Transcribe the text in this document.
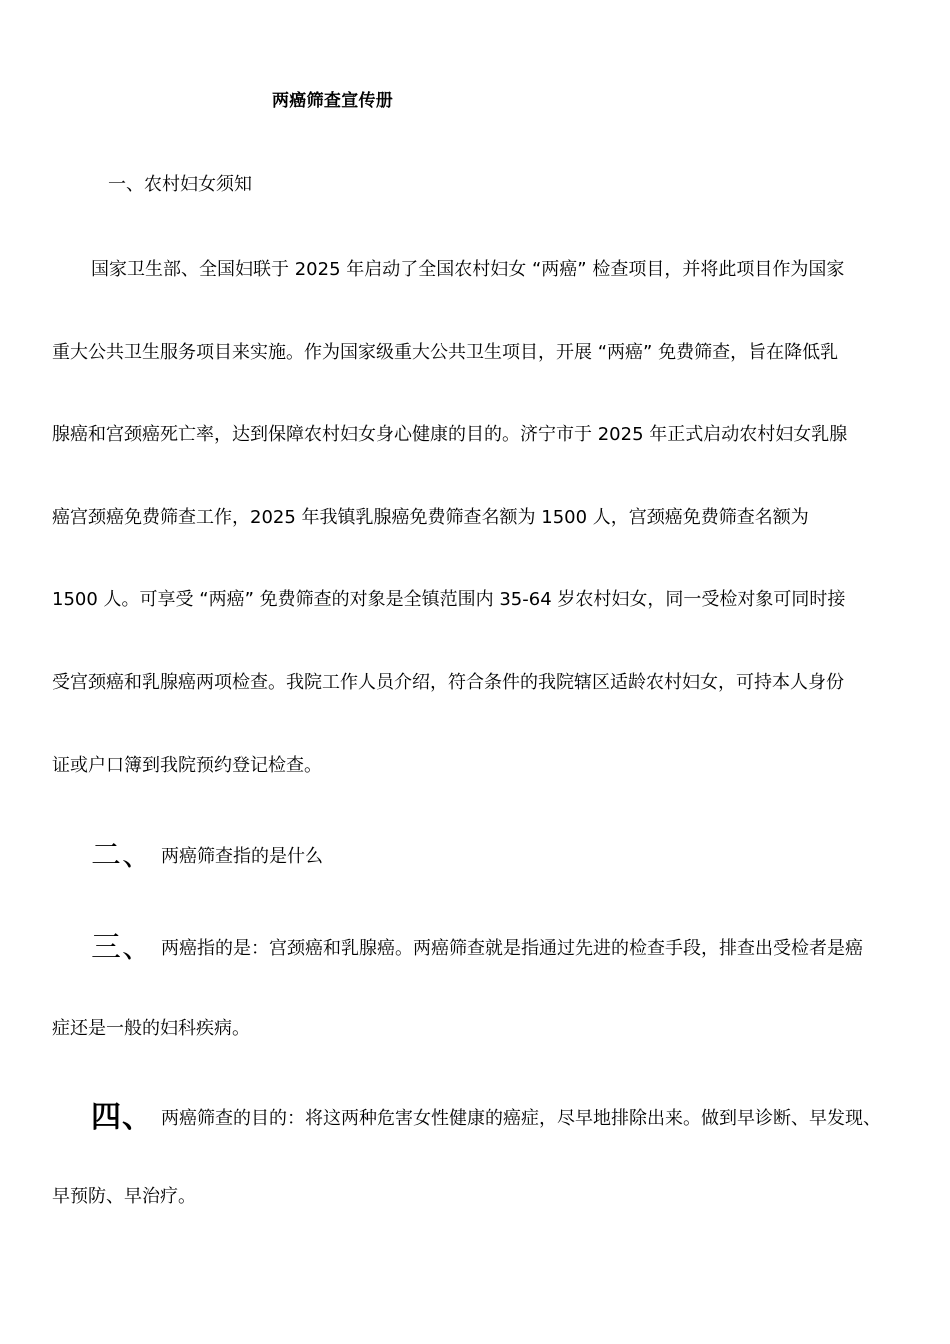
两癌筛查宣传册
一、农村妇女须知
国家卫生部、全国妇联于 2025 年启动了全国农村妇女 “两癌” 检查项目，并将此项目作为国家
重大公共卫生服务项目来实施。作为国家级重大公共卫生项目，开展 “两癌” 免费筛查，旨在降低乳
腺癌和宫颈癌死亡率，达到保障农村妇女身心健康的目的。济宁市于 2025 年正式启动农村妇女乳腺
癌宫颈癌免费筛查工作，2025 年我镇乳腺癌免费筛查名额为 1500 人，宫颈癌免费筛查名额为
1500 人。可享受 “两癌” 免费筛查的对象是全镇范围内 35-64 岁农村妇女，同一受检对象可同时接
受宫颈癌和乳腺癌两项检查。我院工作人员介绍，符合条件的我院辖区适龄农村妇女，可持本人身份
证或户口簿到我院预约登记检查。
二、 两癌筛查指的是什么
三、 两癌指的是：宫颈癌和乳腺癌。两癌筛查就是指通过先进的检查手段，排查出受检者是癌
症还是一般的妇科疾病。
四、 两癌筛查的目的：将这两种危害女性健康的癌症，尽早地排除出来。做到早诊断、早发现、
早预防、早治疗。
